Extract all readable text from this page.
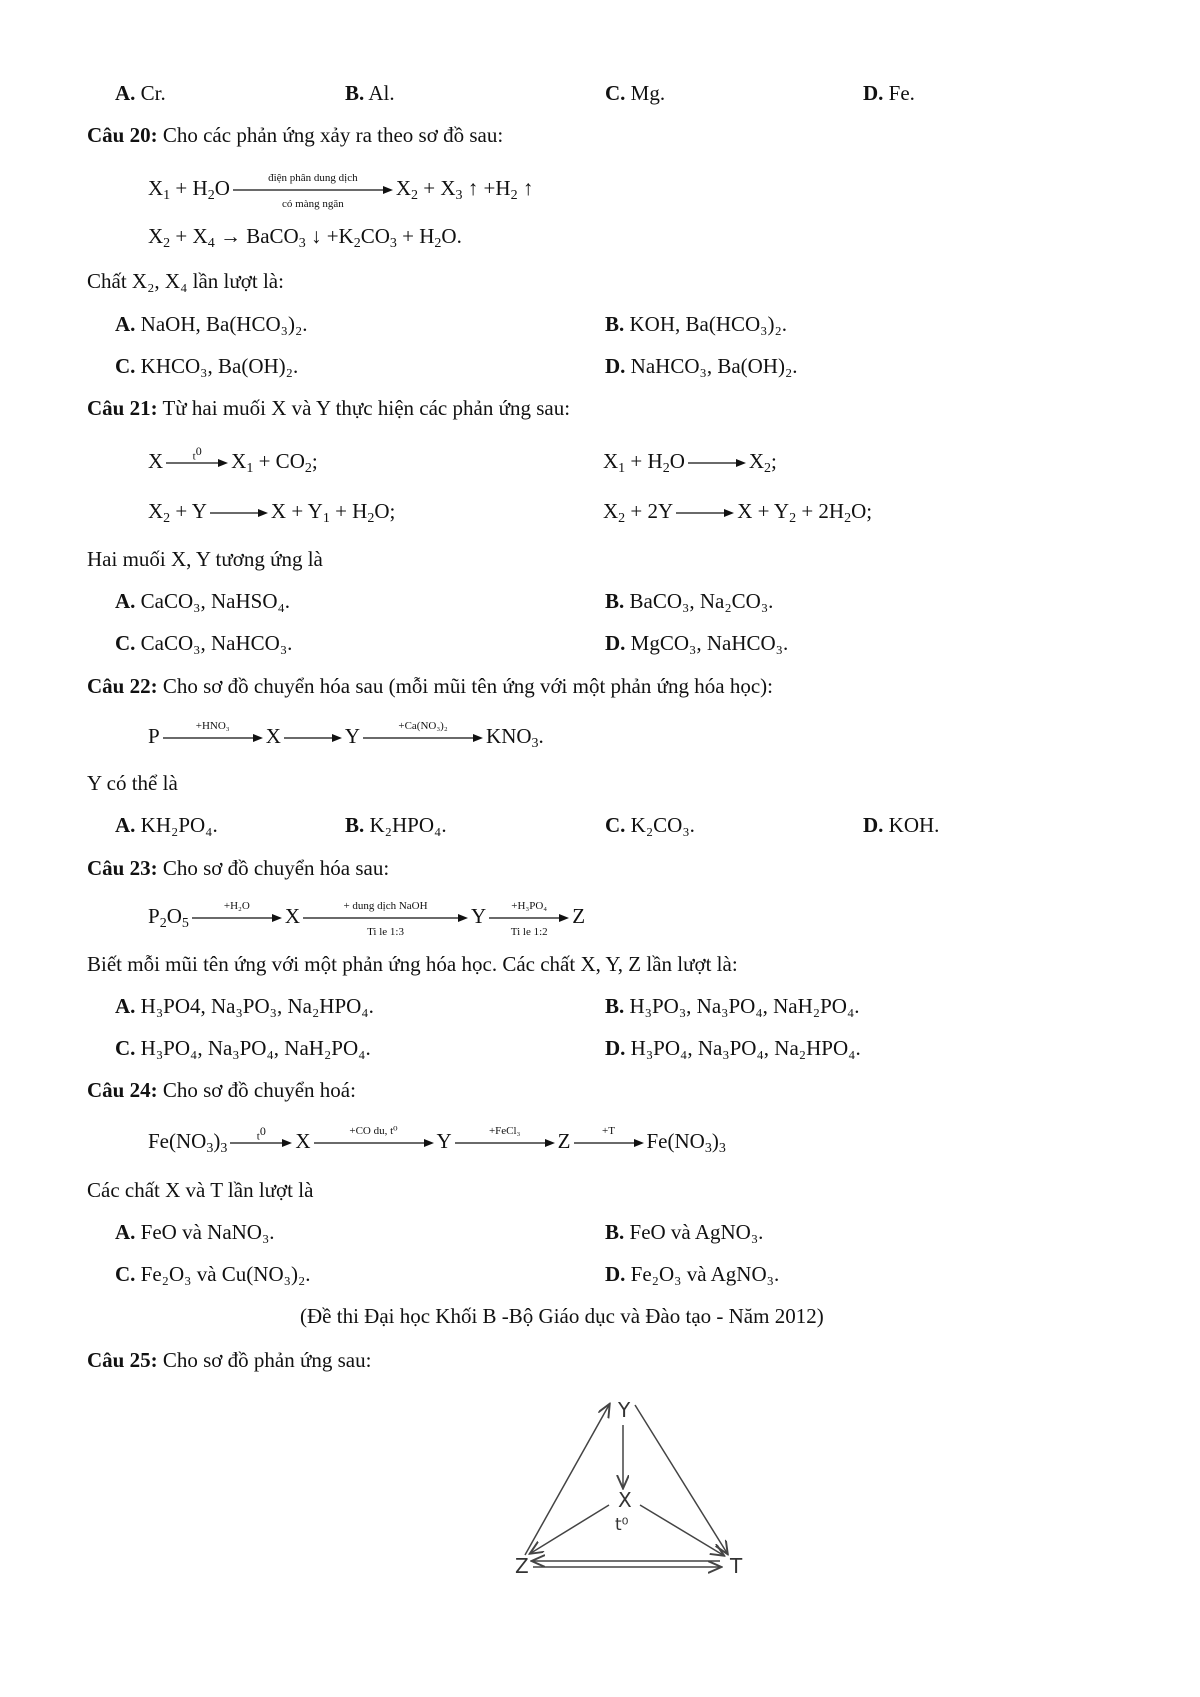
A. Cr.	B. Al.	C. Mg.	D. Fe.
Câu 20: Cho các phản ứng xảy ra theo sơ đồ sau:
$X_1 + H_2O$	điện phân dung dịch
có màng ngăn
$X_2 + X_3$ ↑ $+H_2$ ↑
$X_2 + X_4$ → BaCO$_3$ ↓ $+K_2CO_3 + H_2O$.
Chất X₂, X₄ lần lượt là:
A. NaOH, Ba(HCO₃)₂.	B. KOH, Ba(HCO₃)₂.
C. KHCO₃, Ba(OH)₂.	D. NaHCO₃, Ba(OH)₂.
Câu 21: Từ hai muối X và Y thực hiện các phản ứng sau:
X	$t^0$	$X_1 + CO_2$;	$X_1 + H_2O$	$X_2$;
$X_2 + Y$	$X + Y_1 + H_2O$;	$X_2 + 2Y$	$X + Y_2 + 2H_2O$;
Hai muối X, Y tương ứng là
A. CaCO₃, NaHSO₄.	B. BaCO₃, Na₂CO₃.
C. CaCO₃, NaHCO₃.	D. MgCO₃, NaHCO₃.
Câu 22: Cho sơ đồ chuyển hóa sau (mỗi mũi tên ứng với một phản ứng hóa học):
P	+HNO₃	X	Y	+Ca(NO₃)₂	$KNO_3$.
Y có thể là
A. KH₂PO₄.	B. K₂HPO₄.	C. K₂CO₃.	D. KOH.
Câu 23: Cho sơ đồ chuyển hóa sau:
$P_2O_5$
+H₂O	X	+ dung dịch NaOH
Ti le 1:3
Y	+H₃PO₄
Ti le 1:2
Z
Biết mỗi mũi tên ứng với một phản ứng hóa học. Các chất X, Y, Z lần lượt là:
A. H₃PO4, Na₃PO₃, Na₂HPO₄.	B. H₃PO₃, Na₃PO₄, NaH₂PO₄.
C. H₃PO₄, Na₃PO₄, NaH₂PO₄.	D. H₃PO₄, Na₃PO₄, Na₂HPO₄.
Câu 24: Cho sơ đồ chuyển hoá:
$Fe(NO_3)_3$
$t^0$	X	+CO du, t⁰	Y	+FeCl₃	Z	+T	$Fe(NO_3)_3$
Các chất X và T lần lượt là
A. FeO và NaNO₃.	B. FeO và AgNO₃.
C. Fe₂O₃ và Cu(NO₃)₂.	D. Fe₂O₃ và AgNO₃.
(Đề thi Đại học Khối B -Bộ Giáo dục và Đào tạo - Năm 2012)
Câu 25: Cho sơ đồ phản ứng sau:
Y
X
t⁰
Z	T
